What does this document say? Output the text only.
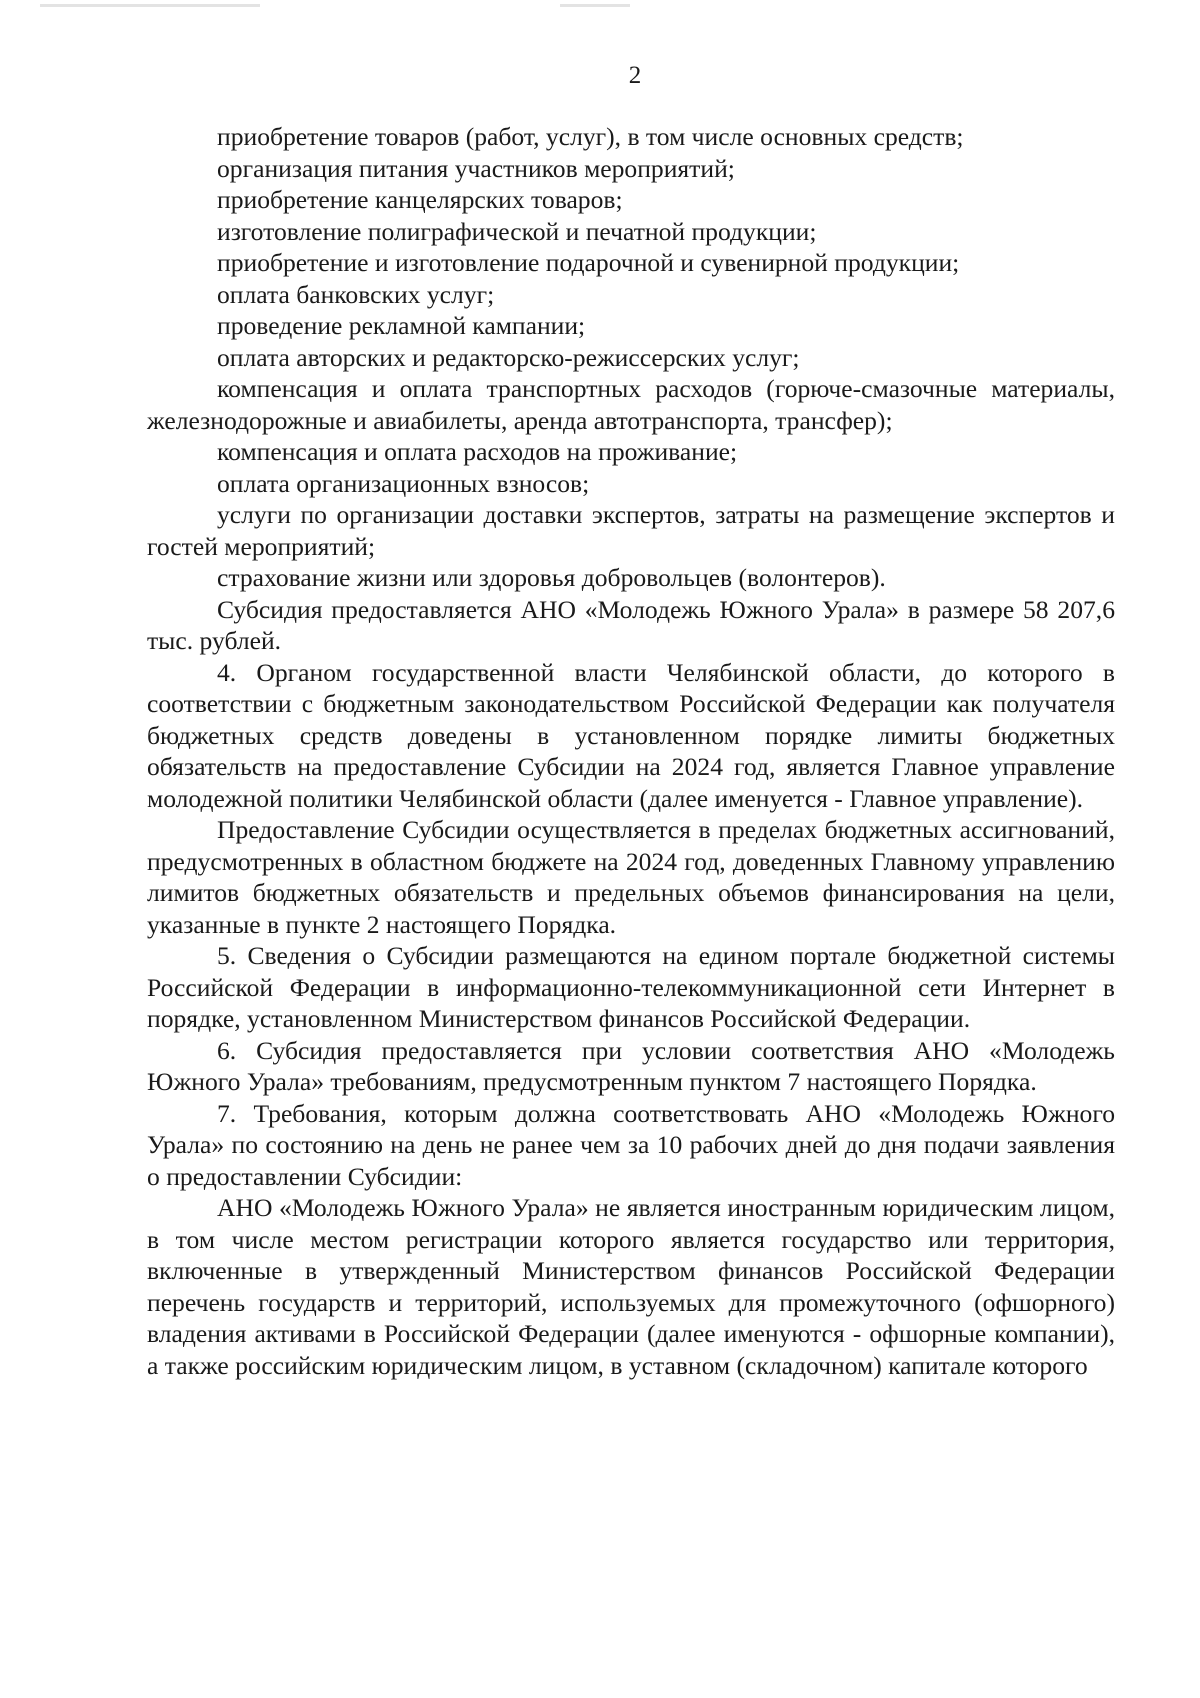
2

приобретение товаров (работ, услуг), в том числе основных средств;

организация питания участников мероприятий;

приобретение канцелярских товаров;

изготовление полиграфической и печатной продукции;

приобретение и изготовление подарочной и сувенирной продукции;

оплата банковских услуг;

проведение рекламной кампании;

оплата авторских и редакторско-режиссерских услуг;

компенсация и оплата транспортных расходов (горюче-смазочные материалы, железнодорожные и авиабилеты, аренда автотранспорта, трансфер);

компенсация и оплата расходов на проживание;

оплата организационных взносов;

услуги по организации доставки экспертов, затраты на размещение экспертов и гостей мероприятий;

страхование жизни или здоровья добровольцев (волонтеров).

Субсидия предоставляется АНО «Молодежь Южного Урала» в размере 58 207,6 тыс. рублей.

4. Органом государственной власти Челябинской области, до которого в соответствии с бюджетным законодательством Российской Федерации как получателя бюджетных средств доведены в установленном порядке лимиты бюджетных обязательств на предоставление Субсидии на 2024 год, является Главное управление молодежной политики Челябинской области (далее именуется - Главное управление).

Предоставление Субсидии осуществляется в пределах бюджетных ассигнований, предусмотренных в областном бюджете на 2024 год, доведенных Главному управлению лимитов бюджетных обязательств и предельных объемов финансирования на цели, указанные в пункте 2 настоящего Порядка.

5. Сведения о Субсидии размещаются на едином портале бюджетной системы Российской Федерации в информационно-телекоммуникационной сети Интернет в порядке, установленном Министерством финансов Российской Федерации.

6. Субсидия предоставляется при условии соответствия АНО «Молодежь Южного Урала» требованиям, предусмотренным пунктом 7 настоящего Порядка.

7. Требования, которым должна соответствовать АНО «Молодежь Южного Урала» по состоянию на день не ранее чем за 10 рабочих дней до дня подачи заявления о предоставлении Субсидии:

АНО «Молодежь Южного Урала» не является иностранным юридическим лицом, в том числе местом регистрации которого является государство или территория, включенные в утвержденный Министерством финансов Российской Федерации перечень государств и территорий, используемых для промежуточного (офшорного) владения активами в Российской Федерации (далее именуются - офшорные компании), а также российским юридическим лицом, в уставном (складочном) капитале которого
